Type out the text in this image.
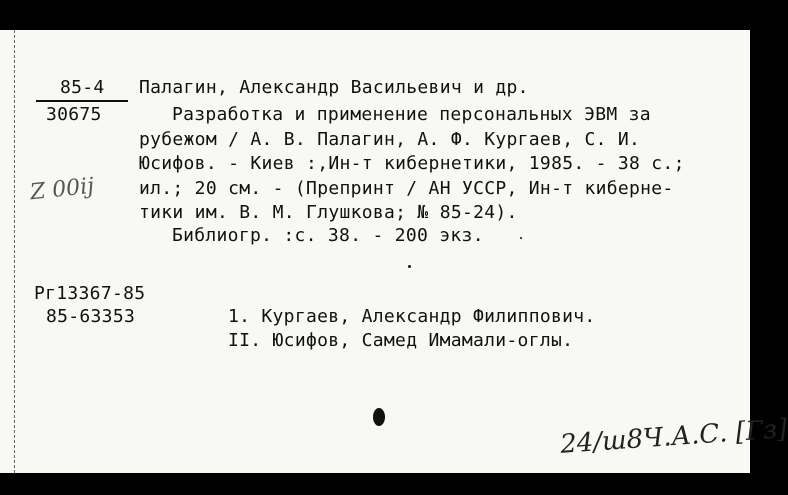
85-4
30675
Палагин, Александр Васильевич и др.
Разработка и применение персональных ЭВМ за
рубежом / А. В. Палагин, А. Ф. Кургаев, С. И.
Юсифов. - Киев :,Ин-т кибернетики, 1985. - 38 с.;
ил.; 20 см. - (Препринт / АН УССР, Ин-т киберне-
тики им. В. М. Глушкова; № 85-24).
Библиогр. :с. 38. - 200 экз.
Рг13367-85
85-63353	1. Кургаев, Александр Филиппович.
II. Юсифов, Самед Имамали-оглы.
Z 00ij
24/ш8Ч.А.С. [Гз]
